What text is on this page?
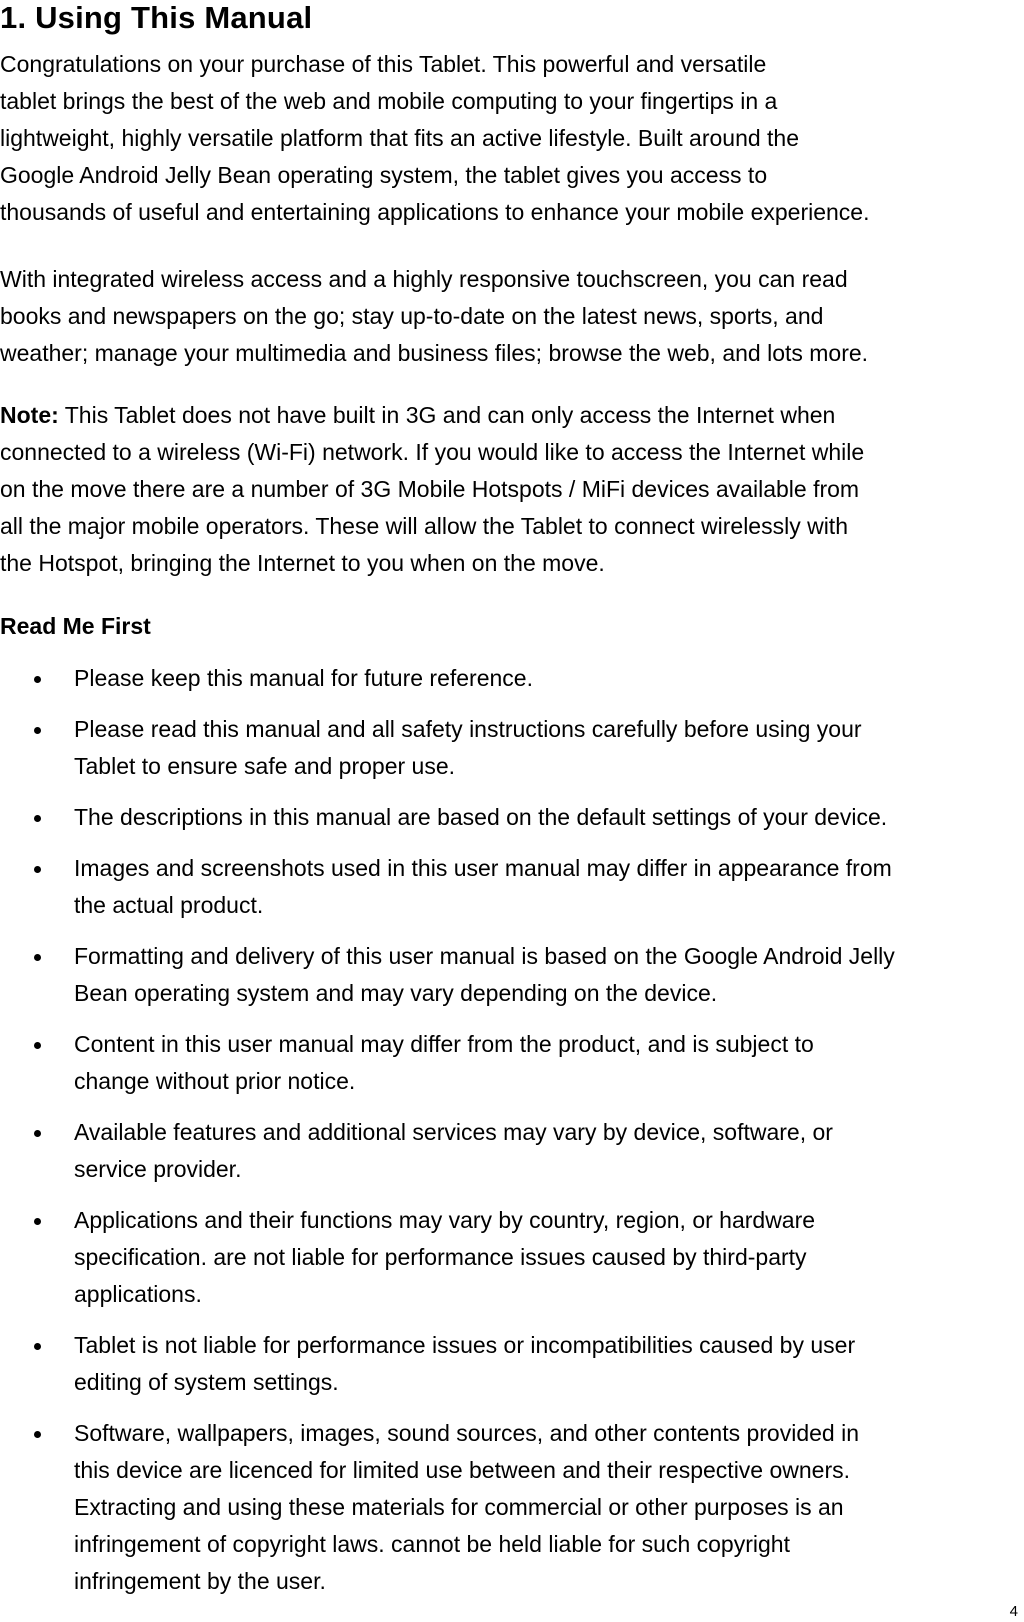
1. Using This Manual

Congratulations on your purchase of this Tablet. This powerful and versatile
tablet brings the best of the web and mobile computing to your fingertips in a
lightweight, highly versatile platform that fits an active lifestyle. Built around the
Google Android Jelly Bean operating system, the tablet gives you access to
thousands of useful and entertaining applications to enhance your mobile experience.

With integrated wireless access and a highly responsive touchscreen, you can read
books and newspapers on the go; stay up-to-date on the latest news, sports, and
weather; manage your multimedia and business files; browse the web, and lots more.

Note: This Tablet does not have built in 3G and can only access the Internet when
connected to a wireless (Wi-Fi) network. If you would like to access the Internet while
on the move there are a number of 3G Mobile Hotspots / MiFi devices available from
all the major mobile operators. These will allow the Tablet to connect wirelessly with
the Hotspot, bringing the Internet to you when on the move.

Read Me First
Please keep this manual for future reference.
Please read this manual and all safety instructions carefully before using your
Tablet to ensure safe and proper use.
The descriptions in this manual are based on the default settings of your device.
Images and screenshots used in this user manual may differ in appearance from
the actual product.
Formatting and delivery of this user manual is based on the Google Android Jelly
Bean operating system and may vary depending on the device.
Content in this user manual may differ from the product, and is subject to
change without prior notice.
Available features and additional services may vary by device, software, or
service provider.
Applications and their functions may vary by country, region, or hardware
specification. are not liable for performance issues caused by third-party
applications.
Tablet is not liable for performance issues or incompatibilities caused by user
editing of system settings.
Software, wallpapers, images, sound sources, and other contents provided in
this device are licenced for limited use between and their respective owners.
Extracting and using these materials for commercial or other purposes is an
infringement of copyright laws. cannot be held liable for such copyright
infringement by the user.
4
